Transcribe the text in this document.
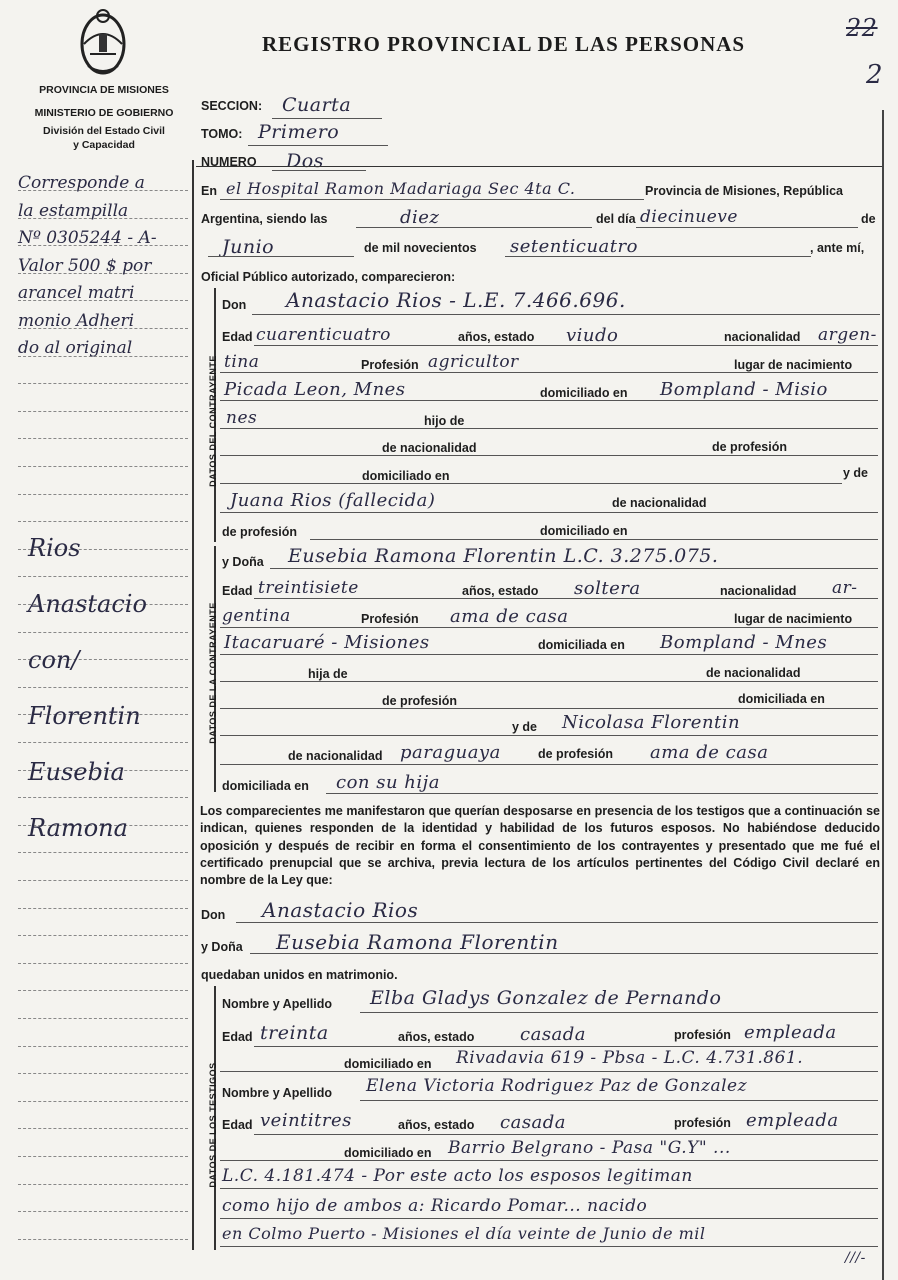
22
2
REGISTRO PROVINCIAL DE LAS PERSONAS
PROVINCIA DE MISIONES
MINISTERIO DE GOBIERNO
División del Estado Civil
y Capacidad
Corresponde a
la estampilla
Nº 0305244 - A-
Valor 500 $ por
arancel matri
monio Adheri
do al original
Rios
Anastacio
con/
Florentin
Eusebia
Ramona
SECCION: Cuarta
TOMO: Primero
NUMERO Dos
En el Hospital Ramon Madariaga Sec 4ta C.	Provincia de Misiones, República
Argentina, siendo las	diez	del día diecinueve	de
Junio	de mil novecientos setenticuatro	, ante mí,
Oficial Público autorizado, comparecieron:
DATOS DEL CONTRAYENTE
Don Anastacio Rios - L.E. 7.466.696.
Edad cuarenticuatro	años, estado viudo	nacionalidad argen-
tina	Profesión agricultor	lugar de nacimiento
Picada Leon, Mnes	domiciliado en Bompland - Misio
nes	hijo de
de nacionalidad	de profesión
domiciliado en	y de
Juana Rios (fallecida)	de nacionalidad
de profesión	domiciliado en
DATOS DE LA CONTRAYENTE
y Doña Eusebia Ramona Florentin L.C. 3.275.075.
Edad treintisiete	años, estado soltera	nacionalidad ar-
gentina	Profesión ama de casa	lugar de nacimiento
Itacaruaré - Misiones	domiciliada en Bompland - Mnes
hija de	de nacionalidad
de profesión	domiciliada en
y de Nicolasa Florentin
de nacionalidad paraguaya	de profesión ama de casa
domiciliada en con su hija
Los comparecientes me manifestaron que querían desposarse en presencia de los testigos que a continuación se indican, quienes responden de la identidad y habilidad de los futuros esposos. No habiéndose deducido oposición y después de recibir en forma el consentimiento de los contrayentes y presentado que me fué el certificado prenupcial que se archiva, previa lectura de los artículos pertinentes del Código Civil declaré en nombre de la Ley que:
Don Anastacio Rios
y Doña Eusebia Ramona Florentin
quedaban unidos en matrimonio.
DATOS DE LOS TESTIGOS
Nombre y Apellido Elba Gladys Gonzalez de Pernando
Edad treinta	años, estado	casada	profesión empleada
domiciliado en Rivadavia 619 - Pbsa - L.C. 4.731.861.
Nombre y Apellido Elena Victoria Rodriguez Paz de Gonzalez
Edad veintitres	años, estado casada	profesión empleada
domiciliado en Barrio Belgrano - Pasa "G.Y" ...
L.C. 4.181.474 - Por este acto los esposos legitiman
como hijo de ambos a: Ricardo Pomar... nacido
en Colmo Puerto - Misiones el día veinte de Junio de mil
///-
